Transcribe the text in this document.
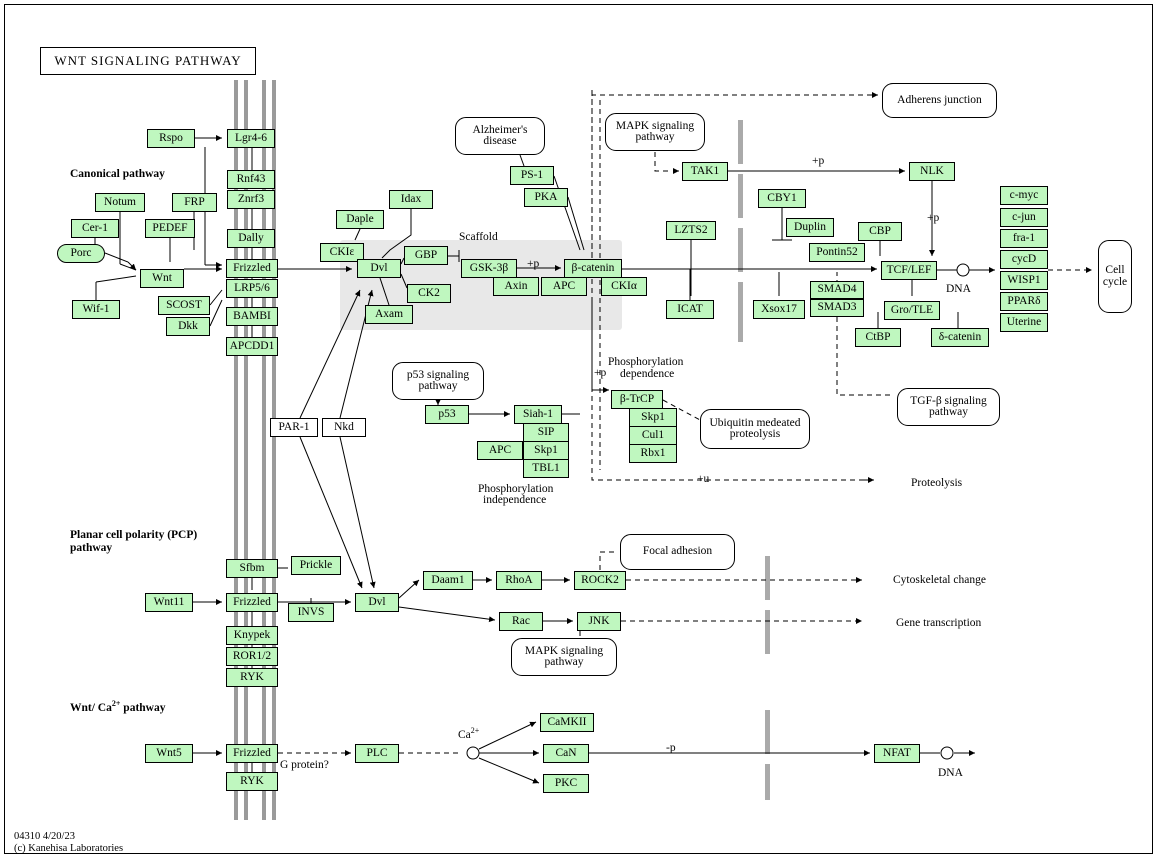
WNT SIGNALING PATHWAY
Alzheimer's
disease
MAPK signaling
pathway
Adherens junction
p53 signaling
pathway
Ubiquitin medeated
proteolysis
TGF-β signaling
pathway
Focal adhesion
MAPK signaling
pathway
Cell
cycle
Rspo	Lgr4-6
Rnf43
Znrf3
Notum	FRP	Idax
PS-1
PKA
TAK1	NLK
CBY1
Duplin	CBP
Pontin52
LZTS2
ICAT	Xsox17
SMAD4
SMAD3	Gro/TLE
CtBP	δ-catenin
TCF/LEF
c-myc
c-jun
fra-1
cycD
WISP1
PPARδ
Uterine
Daple
Dally
PEDEF
Cer-1
Porc	CKIε	GBP
Frizzled
Wnt
Dvl	GSK-3β	β-catenin
Axin APC	CKIα
CK2
Axam
LRP5/6
SCOST
Dkk
BAMBI
APCDD1
Wif-1
p53	Siah-1
SIP
APC Skp1
TBL1
β-TrCP
Skp1
Cul1
Rbx1
PAR-1 Nkd
Sfbm	Prickle
Wnt11	Frizzled
INVS
Dvl
Daam1	RhoA	ROCK2
Rac	JNK
Knypek
ROR1/2
RYK
Wnt5	Frizzled
RYK
PLC
CaMKII
CaN
PKC
NFAT
Canonical pathway
Planar cell polarity (PCP)
pathway
Wnt/ $Ca^{2+}$ pathway
Scaffold
Phosphorylation
dependence
Phosphorylation
independence
+p
+p
+p
+p
+u
-p
DNA
DNA
Proteolysis
Cytoskeletal change
Gene transcription
G protein?
$Ca^{2+}$
04310 4/20/23
(c) Kanehisa Laboratories
